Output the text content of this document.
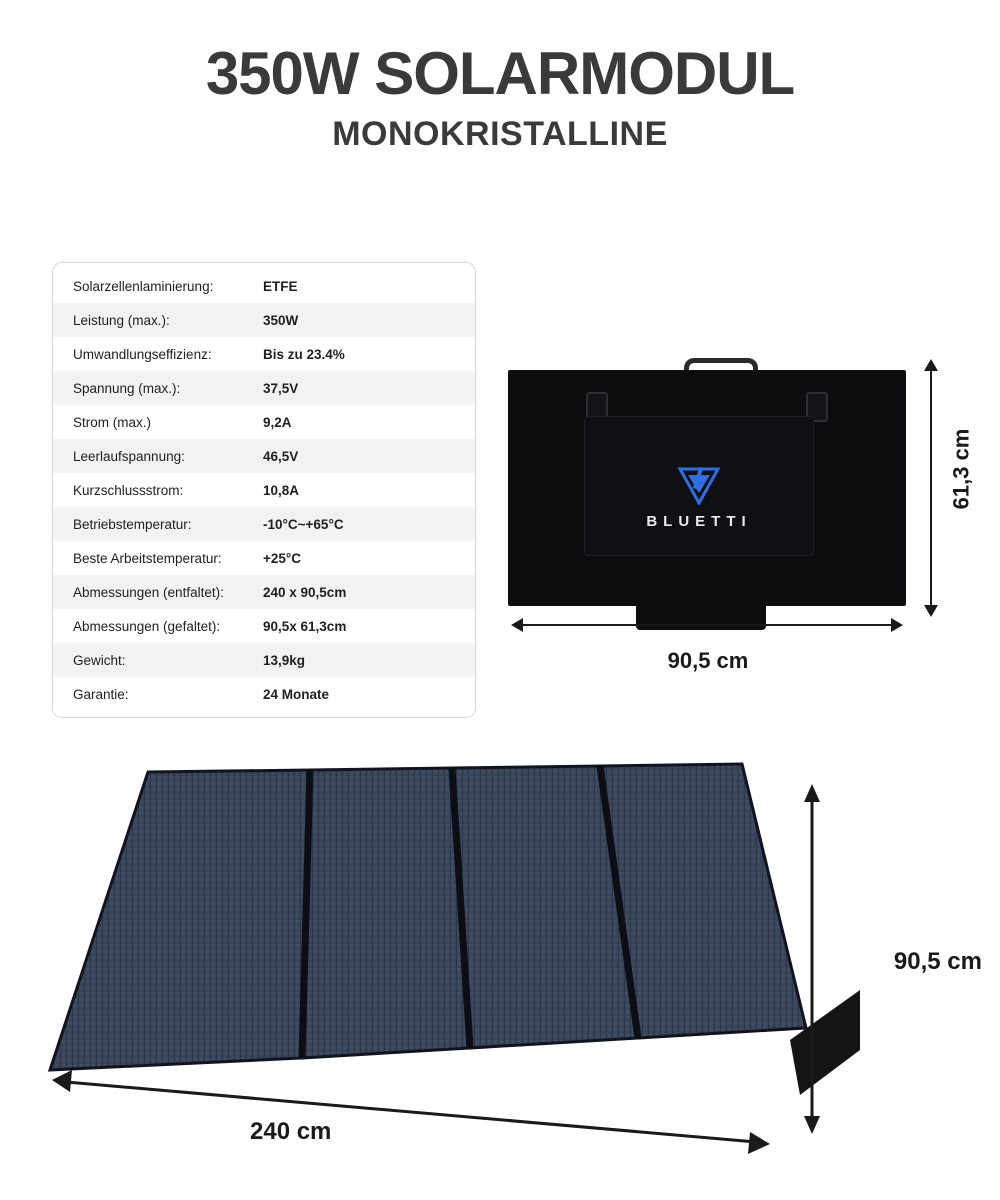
350W SOLARMODUL
MONOKRISTALLINE
Solarzellenlaminierung:	ETFE
Leistung (max.):	350W
Umwandlungseffizienz:	Bis zu 23.4%
Spannung (max.):	37,5V
Strom (max.)	9,2A
Leerlaufspannung:	46,5V
Kurzschlussstrom:	10,8A
Betriebstemperatur:	-10°C~+65°C
Beste Arbeitstemperatur:	+25°C
Abmessungen (entfaltet):	240 x 90,5cm
Abmessungen (gefaltet):	90,5x 61,3cm
Gewicht:	13,9kg
Garantie:	24 Monate
BLUETTI
61,3 cm
90,5 cm
90,5 cm
240 cm
